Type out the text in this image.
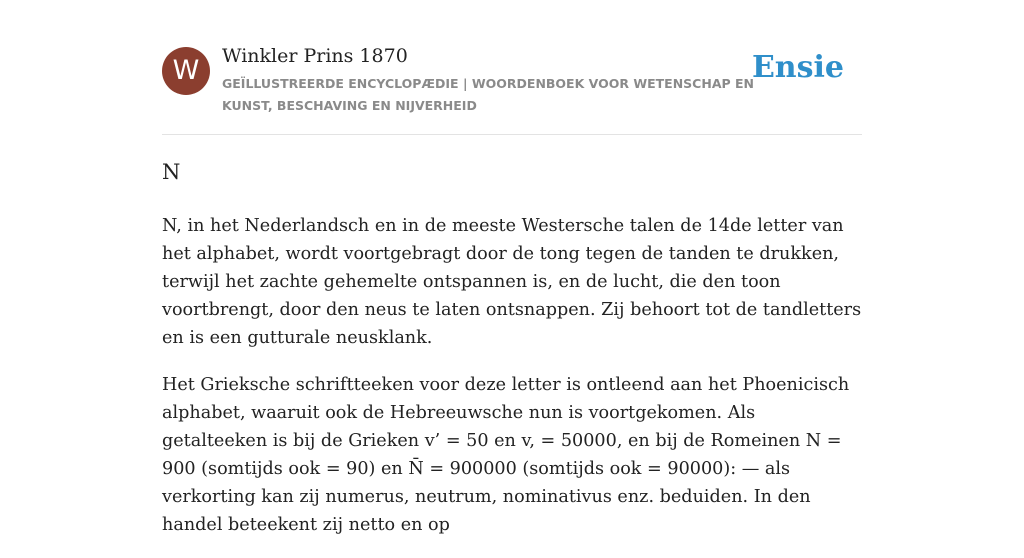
W	Winkler Prins 1870
GEÏLLUSTREERDE ENCYCLOPÆDIE | WOORDENBOEK VOOR WETENSCHAP EN KUNST, BESCHAVING EN NIJVERHEID
Ensie
N

N, in het Nederlandsch en in de meeste Westersche talen de 14de letter van het alphabet, wordt voortgebragt door de tong tegen de tanden te drukken, terwijl het zachte gehemelte ontspannen is, en de lucht, die den toon voortbrengt, door den neus te laten ontsnappen. Zij behoort tot de tandletters en is een gutturale neusklank.

Het Grieksche schriftteeken voor deze letter is ontleend aan het Phoenicisch alphabet, waaruit ook de Hebreeuwsche nun is voortgekomen. Als getalteeken is bij de Grieken v’ = 50 en v, = 50000, en bij de Romeinen N = 900 (somtijds ook = 90) en N̄ = 900000 (somtijds ook = 90000): — als verkorting kan zij numerus, neutrum, nominativus enz. beduiden. In den handel beteekent zij netto en op
